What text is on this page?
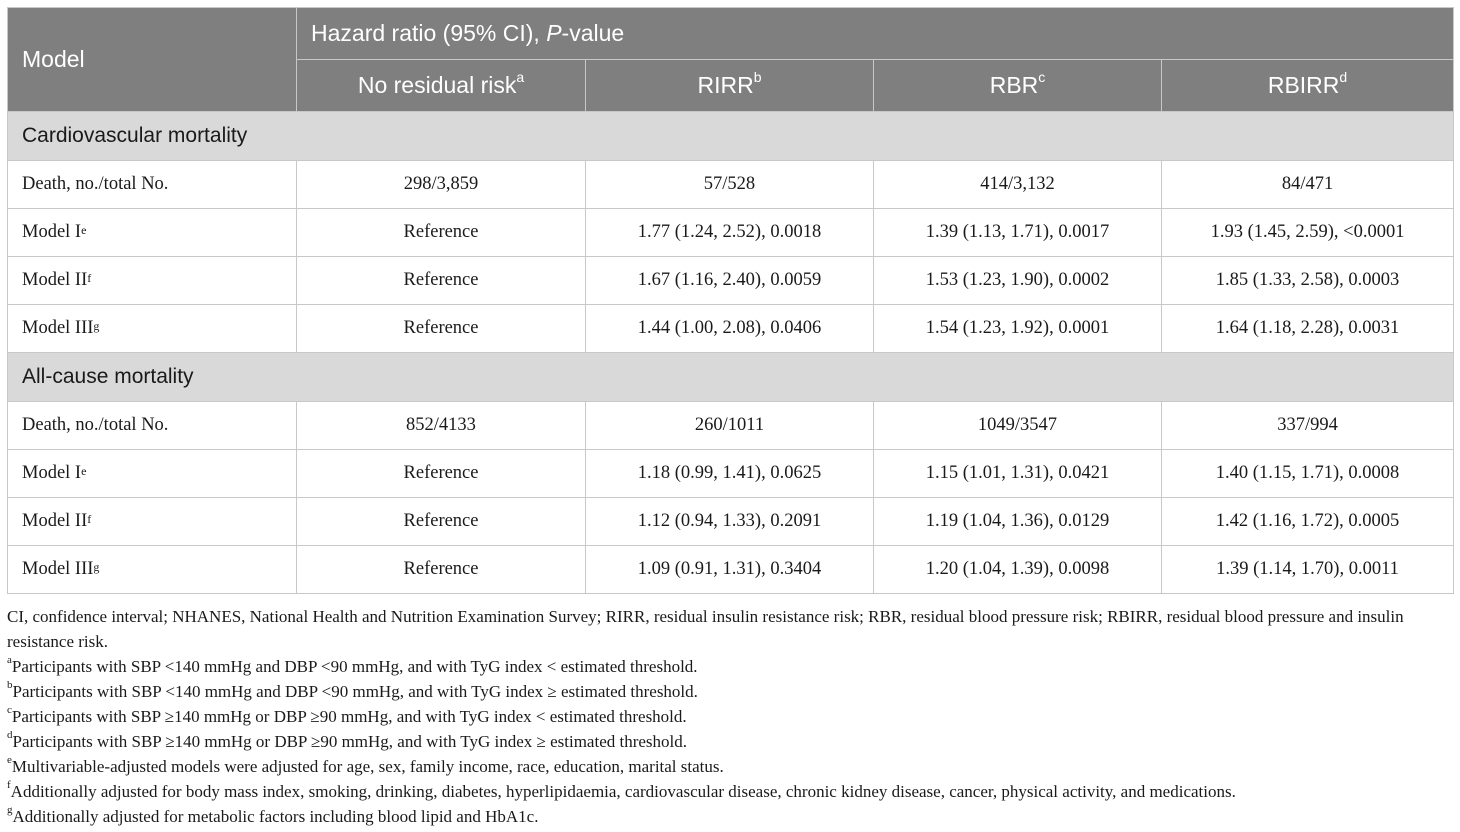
Model	Hazard ratio (95% CI), P-value			
	No residual risk$^a$	RIRR$^b$	RBR$^c$	RBIRR$^d$
Cardiovascular mortality				
Death, no./total No.	298/3,859	57/528	414/3,132	84/471
Model Ie	Reference	1.77 (1.24, 2.52), 0.0018	1.39 (1.13, 1.71), 0.0017	1.93 (1.45, 2.59), <0.0001
Model $II^f$	Reference	1.67 (1.16, 2.40), 0.0059	1.53 (1.23, 1.90), 0.0002	1.85 (1.33, 2.58), 0.0003
Model III$^g$	Reference	1.44 (1.00, 2.08), 0.0406	1.54 (1.23, 1.92), 0.0001	1.64 (1.18, 2.28), 0.0031
All-cause mortality				
Death, no./total No.	852/4133	260/1011	1049/3547	337/994
Model Ie	Reference	1.18 (0.99, 1.41), 0.0625	1.15 (1.01, 1.31), 0.0421	1.40 (1.15, 1.71), 0.0008
Model $II^f$	Reference	1.12 (0.94, 1.33), 0.2091	1.19 (1.04, 1.36), 0.0129	1.42 (1.16, 1.72), 0.0005
Model III$^g$	Reference	1.09 (0.91, 1.31), 0.3404	1.20 (1.04, 1.39), 0.0098	1.39 (1.14, 1.70), 0.0011

CI, confidence interval; NHANES, National Health and Nutrition Examination Survey; RIRR, residual insulin resistance risk; RBR, residual blood pressure risk; RBIRR, residual blood pressure and insulin resistance risk.

$^a$Participants with SBP <140 mmHg and DBP <90 mmHg, and with TyG index < estimated threshold.

$^b$Participants with SBP <140 mmHg and DBP <90 mmHg, and with TyG index ≥ estimated threshold.

$^c$Participants with SBP ≥140 mmHg or DBP ≥90 mmHg, and with TyG index < estimated threshold.

$^d$Participants with SBP ≥140 mmHg or DBP ≥90 mmHg, and with TyG index ≥ estimated threshold.

$^e$Multivariable-adjusted models were adjusted for age, sex, family income, race, education, marital status.

$^f$Additionally adjusted for body mass index, smoking, drinking, diabetes, hyperlipidaemia, cardiovascular disease, chronic kidney disease, cancer, physical activity, and medications.

$^g$Additionally adjusted for metabolic factors including blood lipid and HbA1c.
